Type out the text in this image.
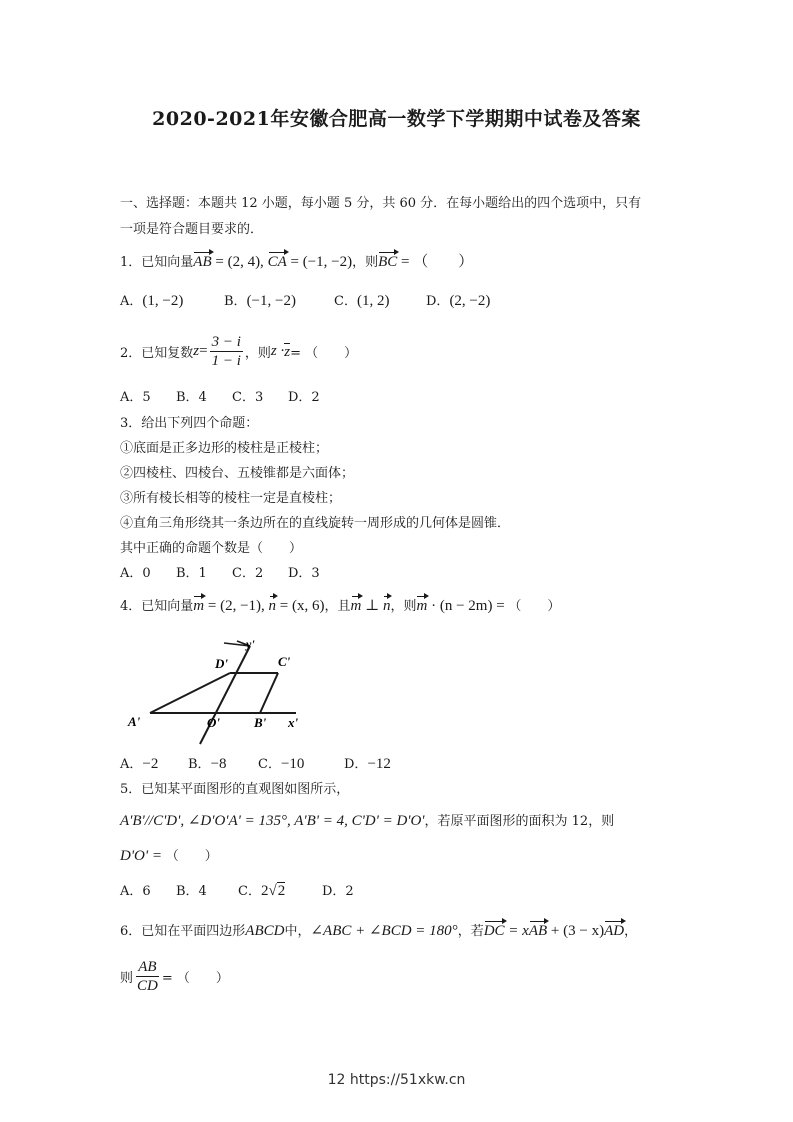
2020-2021年安徽合肥高一数学下学期期中试卷及答案
一、选择题：本题共 12 小题，每小题 5 分，共 60 分．在每小题给出的四个选项中，只有
一项是符合题目要求的．
1．已知向量AB = (2, 4), CA = (−1, −2)，则BC = （　　）
A．(1, −2)	B．(−1, −2)	C．(1, 2)	D．(2, −2)
2．已知复数 $z = \frac{3 - i}{1 - i}$ ，则 z · z = （　　）
A．5 B．4 C．3 D．2
3．给出下列四个命题：
①底面是正多边形的棱柱是正棱柱；
②四棱柱、四棱台、五棱锥都是六面体；
③所有棱长相等的棱柱一定是直棱柱；
④直角三角形绕其一条边所在的直线旋转一周形成的几何体是圆锥．
其中正确的命题个数是（　　）
A．0 B．1 C．2 D．3
4．已知向量m = (2, −1), n = (x, 6)，且m ⊥ n，则m · (n − 2m) = （　　）
y'
D'	C'
A'	O'	B' x'
A．−2 B．−8 C．−10	D．−12
5．已知某平面图形的直观图如图所示，
A'B'//C'D', ∠D'O'A' = 135°, A'B' = 4, C'D' = D'O'，若原平面图形的面积为 12，则
D'O' = （　　）
A．6 B．4 C．2√2	D．2
6．已知在平面四边形ABCD中，∠ABC + ∠BCD = 180°，若DC = xAB + (3 − x)AD，
则 $\frac{AB}{CD}$ = （　　）
12 https://51xkw.cn
